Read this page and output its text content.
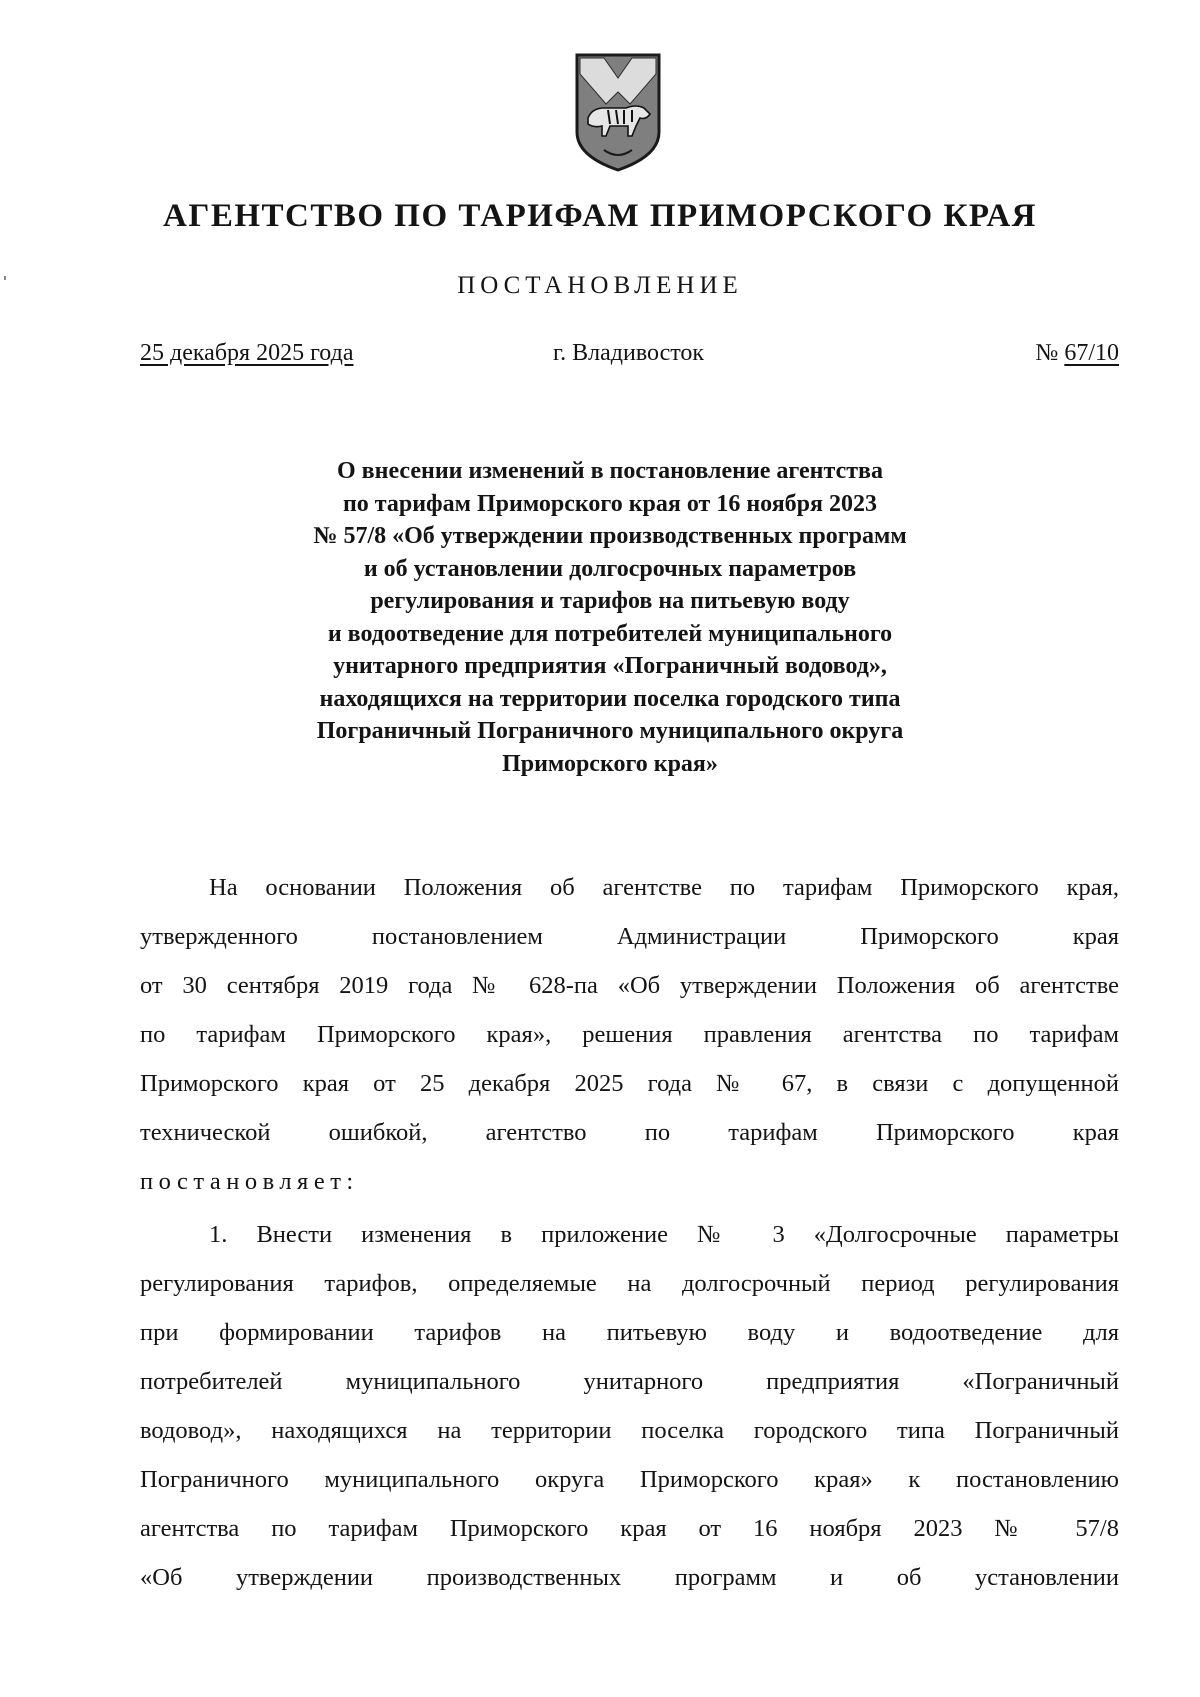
АГЕНТСТВО ПО ТАРИФАМ ПРИМОРСКОГО КРАЯ
ПОСТАНОВЛЕНИЕ
25 декабря 2025 года	г. Владивосток	№ 67/10
О внесении изменений в постановление агентства
по тарифам Приморского края от 16 ноября 2023
№ 57/8 «Об утверждении производственных программ
и об установлении долгосрочных параметров
регулирования и тарифов на питьевую воду
и водоотведение для потребителей муниципального
унитарного предприятия «Пограничный водовод»,
находящихся на территории поселка городского типа
Пограничный Пограничного муниципального округа
Приморского края»
На основании Положения об агентстве по тарифам Приморского края,
утвержденного постановлением Администрации Приморского края
от 30 сентября 2019 года № 628-па «Об утверждении Положения об агентстве
по тарифам Приморского края», решения правления агентства по тарифам
Приморского края от 25 декабря 2025 года № 67, в связи с допущенной
технической ошибкой, агентство по тарифам Приморского края
постановляет:
1. Внести изменения в приложение № 3 «Долгосрочные параметры
регулирования тарифов, определяемые на долгосрочный период регулирования
при формировании тарифов на питьевую воду и водоотведение для
потребителей муниципального унитарного предприятия «Пограничный
водовод», находящихся на территории поселка городского типа Пограничный
Пограничного муниципального округа Приморского края» к постановлению
агентства по тарифам Приморского края от 16 ноября 2023 № 57/8
«Об утверждении производственных программ и об установлении
